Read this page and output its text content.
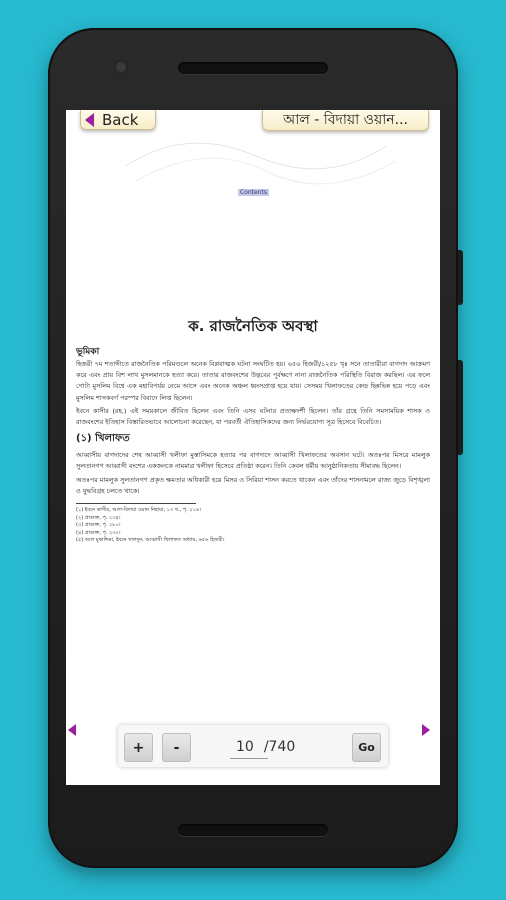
Back	আল - বিদায়া ওয়ান...
Contents

ক. রাজনৈতিক অবস্থা

ভূমিকা

হিজরী ৭ম শতাব্দীতে রাজনৈতিক পরিমণ্ডলে অনেক বিপ্লবাত্মক ঘটনা সংঘটিত হয়। ৬৫৬ হিজরী/১২৫৮ খৃঃ সনে তাতারীরা বাগদাদ আক্রমণ করে এবং প্রায় বিশ লাখ মুসলমানকে হত্যা করে। তাতার রাজবংশের উদ্ভবের পূর্বক্ষণে নানা রাজনৈতিক পরিস্থিতি বিরাজ করছিল। এর ফলে গোটা মুসলিম বিশ্বে এক মহাবিপর্যয় নেমে আসে এবং অনেক অঞ্চল ধ্বংসপ্রাপ্ত হয়ে যায়। সেসময় খিলাফতের কেন্দ্র ছিন্নভিন্ন হয়ে পড়ে এবং মুসলিম শাসকবর্গ পরস্পর বিবাদে লিপ্ত ছিলেন।

ইবনে কাসীর (রহ.) এই সময়কালে জীবিত ছিলেন এবং তিনি এসব ঘটনার প্রত্যক্ষদর্শী ছিলেন। তাঁর গ্রন্থে তিনি সমসাময়িক শাসক ও রাজবংশের ইতিহাস বিস্তারিতভাবে আলোচনা করেছেন, যা পরবর্তী ঐতিহাসিকদের জন্য নির্ভরযোগ্য সূত্র হিসেবে বিবেচিত।

(১) খিলাফত

আব্বাসীয় বাগদাদের শেষ আব্বাসী খলীফা মুস্তাসিমকে হত্যার পর বাগদাদে আব্বাসী খিলাফতের অবসান ঘটে। অতঃপর মিসরে মামলুক সুলতানগণ আব্বাসী বংশের একজনকে নামমাত্র খলীফা হিসেবে প্রতিষ্ঠা করেন। তিনি কেবল ধর্মীয় আনুষ্ঠানিকতায় সীমাবদ্ধ ছিলেন।

অতঃপর মামলুক সুলতানগণ প্রকৃত ক্ষমতার অধিকারী হয়ে মিসর ও সিরিয়া শাসন করতে থাকেন এবং তাঁদের শাসনামলে রাজ্য জুড়ে বিশৃঙ্খলা ও যুদ্ধবিগ্রহ চলতে থাকে।

(১) ইবনে কাসীর, আল-বিদায়া ওয়ান নিহায়া, ১৩ খ., পৃ. ২১৪।

(২) প্রাগুক্ত, পৃ. ২৩৫।

(৩) প্রাগুক্ত, পৃ. ২৮০।

(৪) প্রাগুক্ত, পৃ. ২৩২।

(৫) আল মুকাদ্দিমা, ইবনে খালদুন, আব্বাসী খিলাফত অধ্যায়, ৬৫৬ হিজরী।

+	-	10 /740	Go
